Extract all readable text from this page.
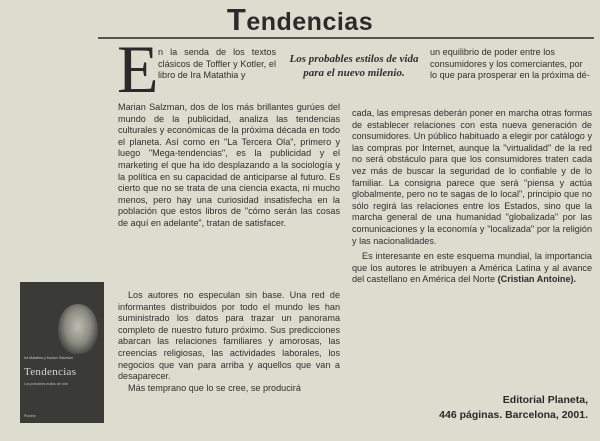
Tendencias
E n la senda de los textos clásicos de Toffler y Kotler, el libro de Ira Matathia y

Los probables estilos de vida para el nuevo milenio.

Marian Salzman, dos de los más brillantes gurúes del mundo de la publicidad, analiza las tendencias culturales y económicas de la próxima década en todo el planeta. Así como en "La Tercera Ola", primero y luego "Mega-tendencias", es la publicidad y el marketing el que ha ido desplazando a la sociología y la política en su capacidad de anticiparse al futuro. Es cierto que no se trata de una ciencia exacta, ni mucho menos, pero hay una curiosidad insatisfecha en la población que estos libros de "cómo serán las cosas de aquí en adelante", tratan de satisfacer.

Los autores no especulan sin base. Una red de informantes distribuidos por todo el mundo les han suministrado los datos para trazar un panorama completo de nuestro futuro próximo. Sus predicciones abarcan las relaciones familiares y amorosas, las creencias religiosas, las actividades laborales, los negocios que van para arriba y aquellos que van a desaparecer.

Más temprano que lo se cree, se producirá

un equilibrio de poder entre los consumidores y los comerciantes, por lo que para prosperar en la próxima dé-

cada, las empresas deberán poner en marcha otras formas de establecer relaciones con esta nueva generación de consumidores. Un público habituado a elegir por catálogo y las compras por Internet, aunque la "virtualidad" de la red no será obstáculo para que los consumidores traten cada vez más de buscar la seguridad de lo confiable y de lo familiar. La consigna parece que será "piensa y actúa globalmente, pero no te sagas de lo local", principio que no sólo regirá las relaciones entre los Estados, sino que la marcha general de una humanidad "globalizada" por las comunicaciones y la economía y "localizada" por la religión y las nacionalidades.

Es interesante en este esquema mundial, la importancia que los autores le atribuyen a América Latina y al avance del castellano en América del Norte (Cristian Antoine).

Editorial Planeta,
446 páginas. Barcelona, 2001.
Ira Matathia y Marian Salzman
Tendencias
Los probables estilos de vida
Planeta
